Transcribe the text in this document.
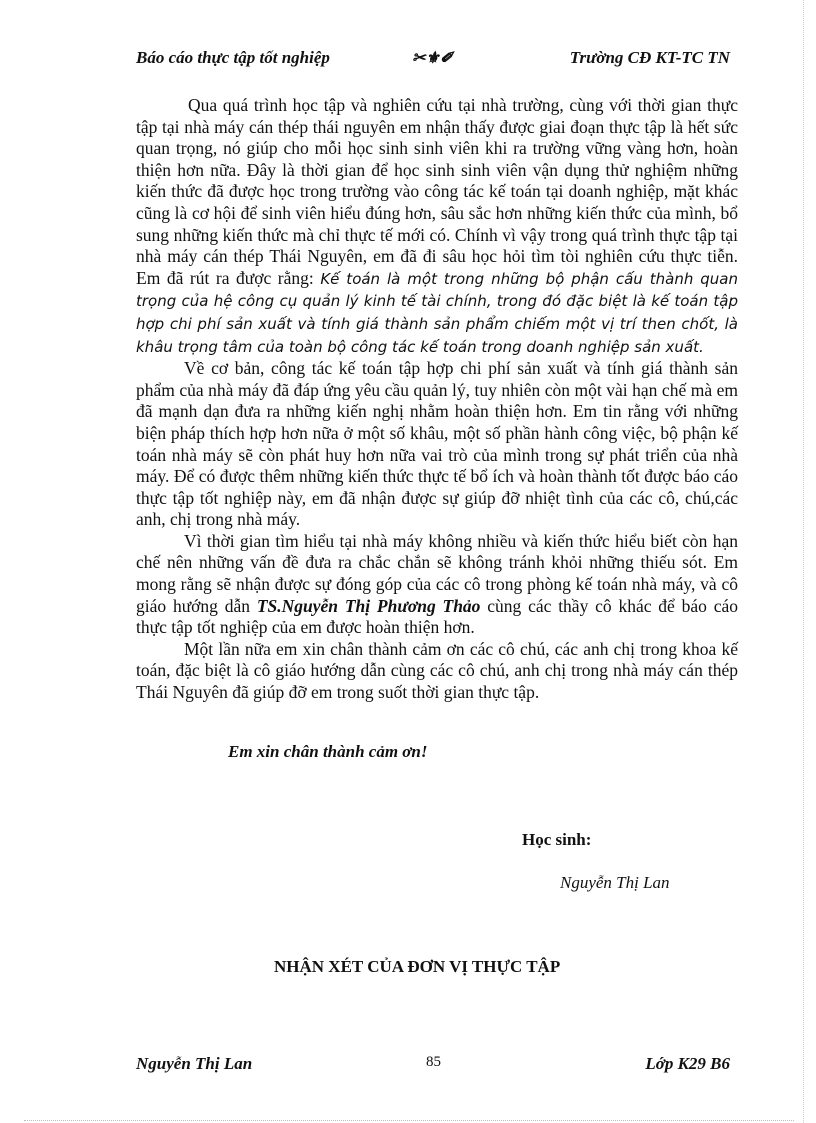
Báo cáo thực tập tốt nghiệp	✂⚜✐	Trường CĐ KT-TC TN

Qua quá trình học tập và nghiên cứu tại nhà trường, cùng với thời gian thực tập tại nhà máy cán thép thái nguyên em nhận thấy được giai đoạn thực tập là hết sức quan trọng, nó giúp cho mỗi học sinh sinh viên khi ra trường vững vàng hơn, hoàn thiện hơn nữa. Đây là thời gian để học sinh sinh viên vận dụng thử nghiệm những kiến thức đã được học trong trường vào công tác kế toán tại doanh nghiệp, mặt khác cũng là cơ hội để sinh viên hiểu đúng hơn, sâu sắc hơn những kiến thức của mình, bổ sung những kiến thức mà chỉ thực tế mới có. Chính vì vậy trong quá trình thực tập tại nhà máy cán thép Thái Nguyên, em đã đi sâu học hỏi tìm tòi nghiên cứu thực tiễn. Em đã rút ra được rằng: Kế toán là một trong những bộ phận cấu thành quan trọng của hệ công cụ quản lý kinh tế tài chính, trong đó đặc biệt là kế toán tập hợp chi phí sản xuất và tính giá thành sản phẩm chiếm một vị trí then chốt, là khâu trọng tâm của toàn bộ công tác kế toán trong doanh nghiệp sản xuất.

Về cơ bản, công tác kế toán tập hợp chi phí sản xuất và tính giá thành sản phẩm của nhà máy đã đáp ứng yêu cầu quản lý, tuy nhiên còn một vài hạn chế mà em đã mạnh dạn đưa ra những kiến nghị nhằm hoàn thiện hơn. Em tin rằng với những biện pháp thích hợp hơn nữa ở một số khâu, một số phần hành công việc, bộ phận kế toán nhà máy sẽ còn phát huy hơn nữa vai trò của mình trong sự phát triển của nhà máy. Để có được thêm những kiến thức thực tế bổ ích và hoàn thành tốt được báo cáo thực tập tốt nghiệp này, em đã nhận được sự giúp đỡ nhiệt tình của các cô, chú,các anh, chị trong nhà máy.

Vì thời gian tìm hiểu tại nhà máy không nhiều và kiến thức hiểu biết còn hạn chế nên những vấn đề đưa ra chắc chắn sẽ không tránh khỏi những thiếu sót. Em mong rằng sẽ nhận được sự đóng góp của các cô trong phòng kế toán nhà máy, và cô giáo hướng dẫn TS.Nguyễn Thị Phương Thảo cùng các thầy cô khác để báo cáo thực tập tốt nghiệp của em được hoàn thiện hơn.

Một lần nữa em xin chân thành cảm ơn các cô chú, các anh chị trong khoa kế toán, đặc biệt là cô giáo hướng dẫn cùng các cô chú, anh chị trong nhà máy cán thép Thái Nguyên đã giúp đỡ em trong suốt thời gian thực tập.

Em xin chân thành cảm ơn!
Học sinh:
Nguyễn Thị Lan
NHẬN XÉT CỦA ĐƠN VỊ THỰC TẬP
Nguyễn Thị Lan	85	Lớp K29 B6
